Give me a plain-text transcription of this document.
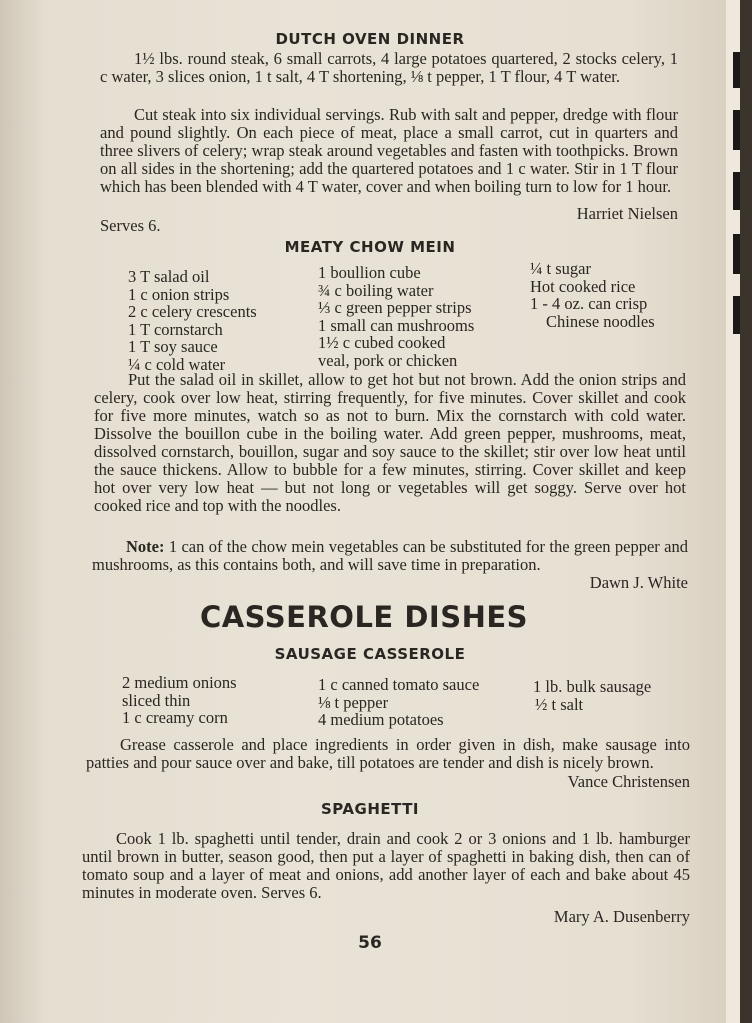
DUTCH OVEN DINNER

1½ lbs. round steak, 6 small carrots, 4 large potatoes quartered, 2 stocks celery, 1 c water, 3 slices onion, 1 t salt, 4 T shortening, ⅛ t pepper, 1 T flour, 4 T water.

Cut steak into six individual servings. Rub with salt and pepper, dredge with flour and pound slightly. On each piece of meat, place a small carrot, cut in quarters and three slivers of celery; wrap steak around vegetables and fasten with toothpicks. Brown on all sides in the shortening; add the quartered potatoes and 1 c water. Stir in 1 T flour which has been blended with 4 T water, cover and when boiling turn to low for 1 hour.

Harriet Nielsen
Serves 6.
MEATY CHOW MEIN
3 T salad oil
1 c onion strips
2 c celery crescents
1 T cornstarch
1 T soy sauce
¼ c cold water
1 boullion cube
¾ c boiling water
⅓ c green pepper strips
1 small can mushrooms
1½ c cubed cooked
veal, pork or chicken
¼ t sugar
Hot cooked rice
1 - 4 oz. can crisp
Chinese noodles

Put the salad oil in skillet, allow to get hot but not brown. Add the onion strips and celery, cook over low heat, stirring frequently, for five minutes. Cover skillet and cook for five more minutes, watch so as not to burn. Mix the cornstarch with cold water. Dissolve the bouillon cube in the boiling water. Add green pepper, mushrooms, meat, dissolved cornstarch, bouillon, sugar and soy sauce to the skillet; stir over low heat until the sauce thickens. Allow to bubble for a few minutes, stirring. Cover skillet and keep hot over very low heat — but not long or vegetables will get soggy. Serve over hot cooked rice and top with the noodles.

Note: 1 can of the chow mein vegetables can be substituted for the green pepper and mushrooms, as this contains both, and will save time in preparation.

Dawn J. White
CASSEROLE DISHES
SAUSAGE CASSEROLE
2 medium onions
sliced thin
1 c creamy corn
1 c canned tomato sauce
⅛ t pepper
4 medium potatoes
1 lb. bulk sausage
½ t salt

Grease casserole and place ingredients in order given in dish, make sausage into patties and pour sauce over and bake, till potatoes are tender and dish is nicely brown.

Vance Christensen
SPAGHETTI

Cook 1 lb. spaghetti until tender, drain and cook 2 or 3 onions and 1 lb. hamburger until brown in butter, season good, then put a layer of spaghetti in baking dish, then can of tomato soup and a layer of meat and onions, add another layer of each and bake about 45 minutes in moderate oven. Serves 6.

Mary A. Dusenberry
56
